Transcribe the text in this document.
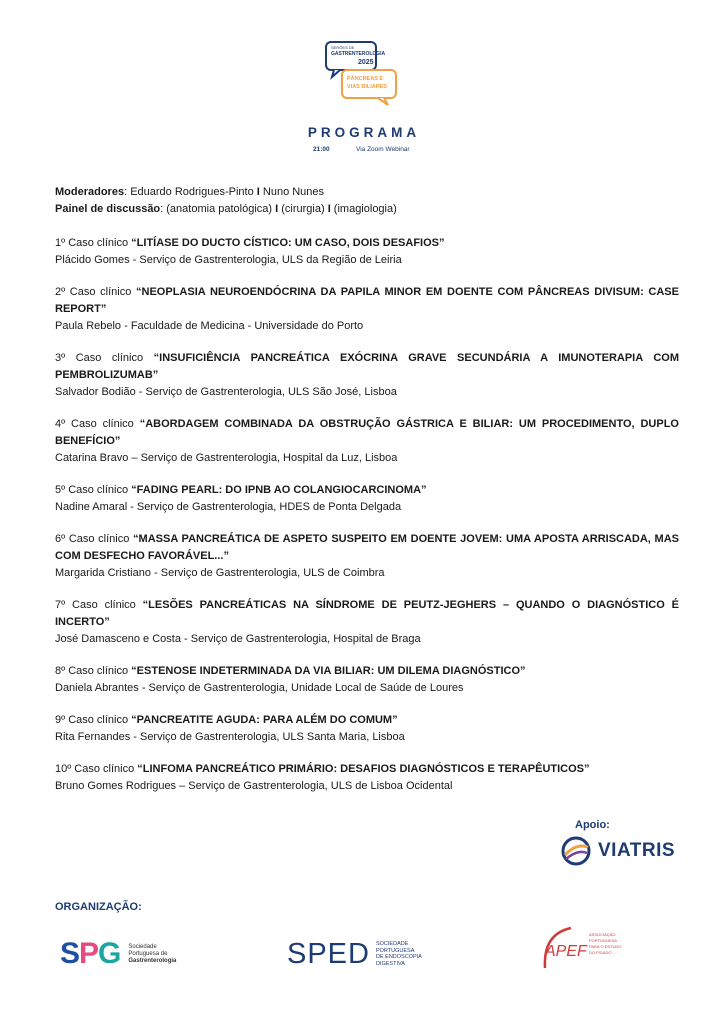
SERÕES DE
GASTRENTEROLOGIA
2025
PÂNCREAS E
VIAS BILIARES
PROGRAMA
21:00	Via Zoom Webinar
Moderadores: Eduardo Rodrigues-Pinto I Nuno Nunes
Painel de discussão: (anatomia patológica) I (cirurgia) I (imagiologia)
1º Caso clínico “LITÍASE DO DUCTO CÍSTICO: UM CASO, DOIS DESAFIOS”
Plácido Gomes - Serviço de Gastrenterologia, ULS da Região de Leiria
2º Caso clínico “NEOPLASIA NEUROENDÓCRINA DA PAPILA MINOR EM DOENTE COM PÂNCREAS DIVISUM: CASE REPORT”
Paula Rebelo - Faculdade de Medicina - Universidade do Porto
3º Caso clínico “INSUFICIÊNCIA PANCREÁTICA EXÓCRINA GRAVE SECUNDÁRIA A IMUNOTERAPIA COM PEMBROLIZUMAB”
Salvador Bodião - Serviço de Gastrenterologia, ULS São José, Lisboa
4º Caso clínico “ABORDAGEM COMBINADA DA OBSTRUÇÃO GÁSTRICA E BILIAR: UM PROCEDIMENTO, DUPLO BENEFÍCIO”
Catarina Bravo – Serviço de Gastrenterologia, Hospital da Luz, Lisboa
5º Caso clínico “FADING PEARL: DO IPNB AO COLANGIOCARCINOMA”
Nadine Amaral - Serviço de Gastrenterologia, HDES de Ponta Delgada
6º Caso clínico “MASSA PANCREÁTICA DE ASPETO SUSPEITO EM DOENTE JOVEM: UMA APOSTA ARRISCADA, MAS COM DESFECHO FAVORÁVEL...”
Margarida Cristiano - Serviço de Gastrenterologia, ULS de Coimbra
7º Caso clínico “LESÕES PANCREÁTICAS NA SÍNDROME DE PEUTZ-JEGHERS – QUANDO O DIAGNÓSTICO É INCERTO”
José Damasceno e Costa - Serviço de Gastrenterologia, Hospital de Braga
8º Caso clínico “ESTENOSE INDETERMINADA DA VIA BILIAR: UM DILEMA DIAGNÓSTICO”
Daniela Abrantes - Serviço de Gastrenterologia, Unidade Local de Saúde de Loures
9º Caso clínico “PANCREATITE AGUDA: PARA ALÉM DO COMUM”
Rita Fernandes - Serviço de Gastrenterologia, ULS Santa Maria, Lisboa
10º Caso clínico “LINFOMA PANCREÁTICO PRIMÁRIO: DESAFIOS DIAGNÓSTICOS E TERAPÊUTICOS”
Bruno Gomes Rodrigues – Serviço de Gastrenterologia, ULS de Lisboa Ocidental
Apoio:
VIATRIS
ORGANIZAÇÃO:
SPG Sociedade
Portuguesa de
Gastrenterologia	SPED SOCIEDADE
PORTUGUESA
DE ENDOSCOPIA
DIGESTIVA
APEF
ASSOCIAÇÃO
PORTUGUESA
PARA O ESTUDO
DO FÍGADO
